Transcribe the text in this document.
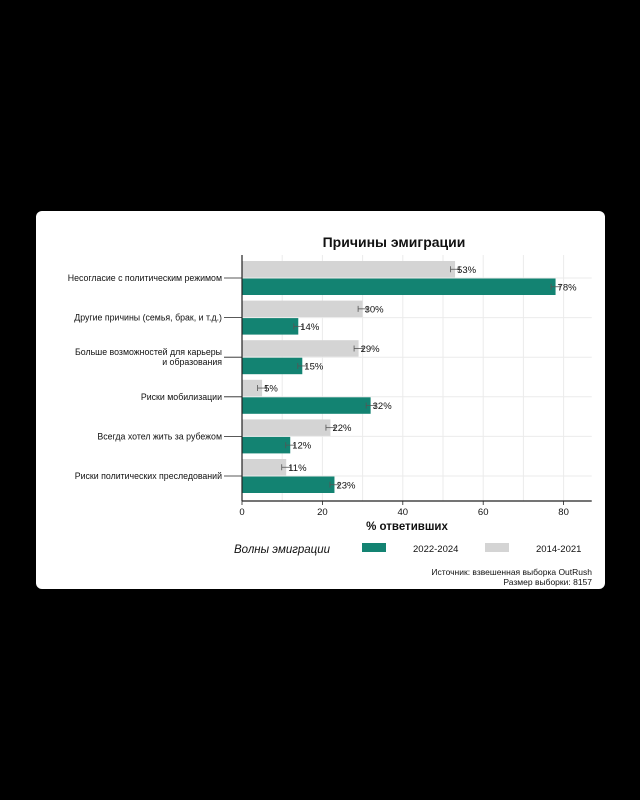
Причины эмиграции
53%
78%
30%
14%
29%
15%
5%
32%
22%
12%
11%
23%
Несогласие с политическим режимом
Другие причины (семья, брак, и т.д.)
Больше возможностей для карьеры
и образования
Риски мобилизации
Всегда хотел жить за рубежом
Риски политических преследований
0	20	40	60	80
% ответивших
Волны эмиграции	2022-2024	2014-2021
Источник: взвешенная выборка OutRush
Размер выборки: 8157
